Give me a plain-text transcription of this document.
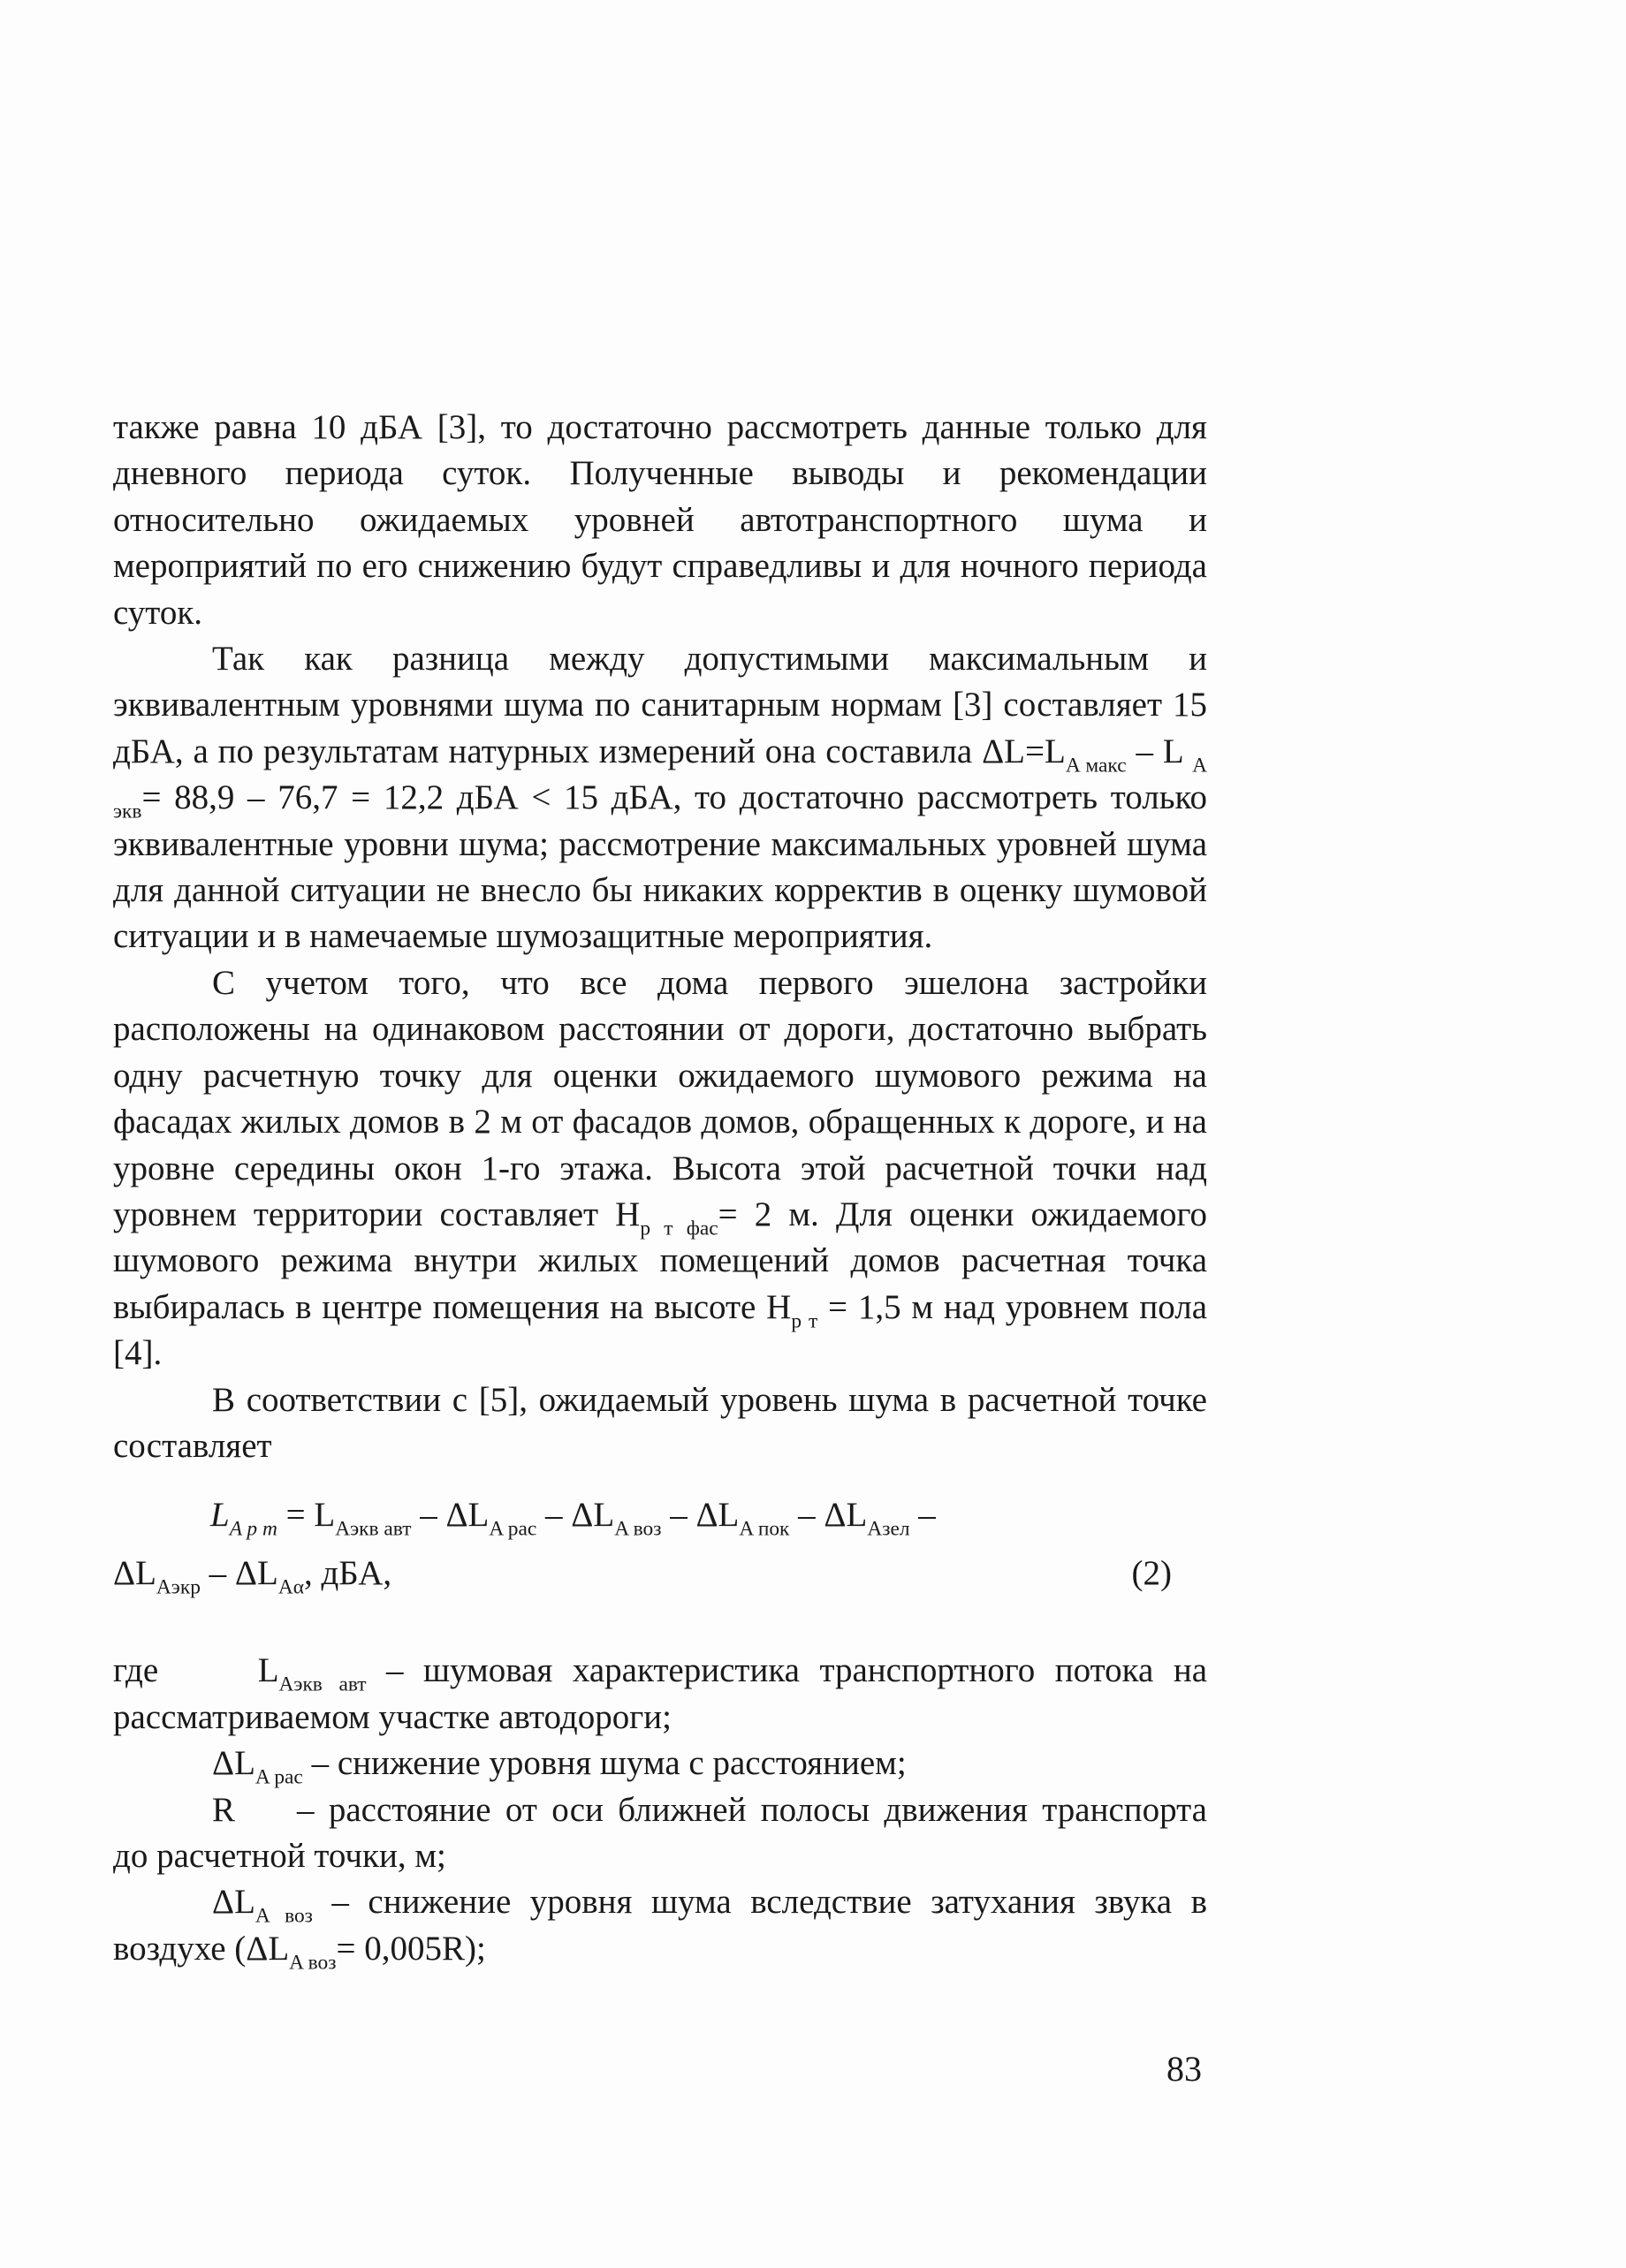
также равна 10 дБА [3], то достаточно рассмотреть данные только для дневного периода суток. Полученные выводы и рекомендации относительно ожидаемых уровней автотранспортного шума и мероприятий по его снижению будут справедливы и для ночного периода суток.

Так как разница между допустимыми максимальным и эквивалентным уровнями шума по санитарным нормам [3] составляет 15 дБА, а по результатам натурных измерений она составила $\Delta L=L_{A макс} - L$ $_{A экв}$= 88,9 – 76,7 = 12,2 дБА < 15 дБА, то достаточно рассмотреть только эквивалентные уровни шума; рассмотрение максимальных уровней шума для данной ситуации не внесло бы никаких корректив в оценку шумовой ситуации и в намечаемые шумозащитные мероприятия.

С учетом того, что все дома первого эшелона застройки расположены на одинаковом расстоянии от дороги, достаточно выбрать одну расчетную точку для оценки ожидаемого шумового режима на фасадах жилых домов в 2 м от фасадов домов, обращенных к дороге, и на уровне середины окон 1-го этажа. Высота этой расчетной точки над уровнем территории составляет $H_{р т фас}= 2$ м. Для оценки ожидаемого шумового режима внутри жилых помещений домов расчетная точка выбиралась в центре помещения на высоте $H_{р т} = 1,5$ м над уровнем пола [4].

В соответствии с [5], ожидаемый уровень шума в расчетной точке составляет

$L_{A р т} = L_{Aэкв авт} - \Delta L_{A рас} - \Delta L_{A воз} - \Delta L_{A пок} - \Delta L_{Aзел}$ –
$\Delta L_{Aэкр} - \Delta L_{A\alpha}$, дБА,	(2)

где	$L_{Aэкв авт}$ – шумовая характеристика транспортного потока на рассматриваемом участке автодороги;

$\Delta L_{A рас}$ – снижение уровня шума с расстоянием;

R – расстояние от оси ближней полосы движения транспорта до расчетной точки, м;

$\Delta L_{A воз}$ – снижение уровня шума вследствие затухания звука в воздухе $(\Delta L_{A воз}= 0,005R)$;

83
